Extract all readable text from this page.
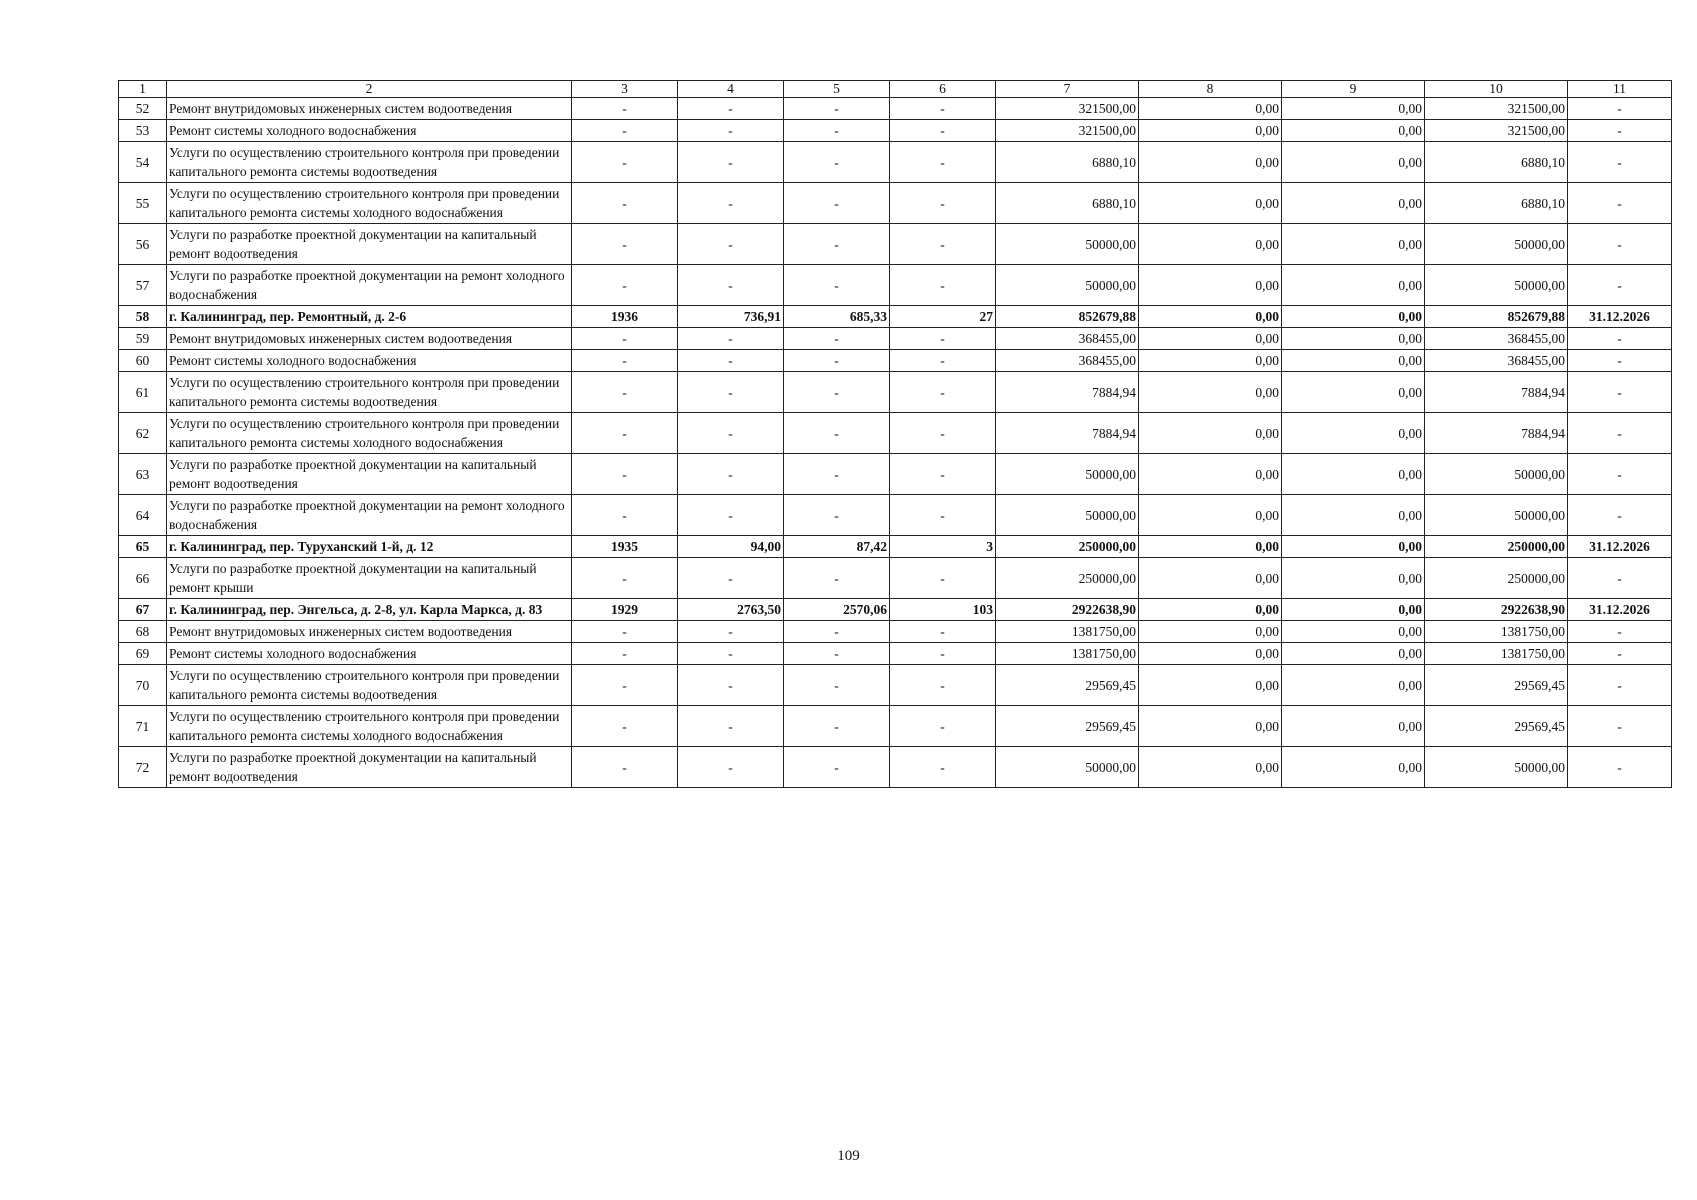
1	2	3	4	5	6	7	8	9	10	11
52	Ремонт внутридомовых инженерных систем водоотведения	-	-	-	-	321500,00	0,00	0,00	321500,00	-
53	Ремонт системы холодного водоснабжения	-	-	-	-	321500,00	0,00	0,00	321500,00	-
54	Услуги по осуществлению строительного контроля при проведении капитального ремонта системы водоотведения	-	-	-	-	6880,10	0,00	0,00	6880,10	-
55	Услуги по осуществлению строительного контроля при проведении капитального ремонта системы холодного водоснабжения	-	-	-	-	6880,10	0,00	0,00	6880,10	-
56	Услуги по разработке проектной документации на капитальный ремонт водоотведения	-	-	-	-	50000,00	0,00	0,00	50000,00	-
57	Услуги по разработке проектной документации на ремонт холодного водоснабжения	-	-	-	-	50000,00	0,00	0,00	50000,00	-
58	г. Калининград, пер. Ремонтный, д. 2-6	1936	736,91	685,33	27	852679,88	0,00	0,00	852679,88	31.12.2026
59	Ремонт внутридомовых инженерных систем водоотведения	-	-	-	-	368455,00	0,00	0,00	368455,00	-
60	Ремонт системы холодного водоснабжения	-	-	-	-	368455,00	0,00	0,00	368455,00	-
61	Услуги по осуществлению строительного контроля при проведении капитального ремонта системы водоотведения	-	-	-	-	7884,94	0,00	0,00	7884,94	-
62	Услуги по осуществлению строительного контроля при проведении капитального ремонта системы холодного водоснабжения	-	-	-	-	7884,94	0,00	0,00	7884,94	-
63	Услуги по разработке проектной документации на капитальный ремонт водоотведения	-	-	-	-	50000,00	0,00	0,00	50000,00	-
64	Услуги по разработке проектной документации на ремонт холодного водоснабжения	-	-	-	-	50000,00	0,00	0,00	50000,00	-
65	г. Калининград, пер. Туруханский 1-й, д. 12	1935	94,00	87,42	3	250000,00	0,00	0,00	250000,00	31.12.2026
66	Услуги по разработке проектной документации на капитальный ремонт крыши	-	-	-	-	250000,00	0,00	0,00	250000,00	-
67	г. Калининград, пер. Энгельса, д. 2-8, ул. Карла Маркса, д. 83	1929	2763,50	2570,06	103	2922638,90	0,00	0,00	2922638,90	31.12.2026
68	Ремонт внутридомовых инженерных систем водоотведения	-	-	-	-	1381750,00	0,00	0,00	1381750,00	-
69	Ремонт системы холодного водоснабжения	-	-	-	-	1381750,00	0,00	0,00	1381750,00	-
70	Услуги по осуществлению строительного контроля при проведении капитального ремонта системы водоотведения	-	-	-	-	29569,45	0,00	0,00	29569,45	-
71	Услуги по осуществлению строительного контроля при проведении капитального ремонта системы холодного водоснабжения	-	-	-	-	29569,45	0,00	0,00	29569,45	-
72	Услуги по разработке проектной документации на капитальный ремонт водоотведения	-	-	-	-	50000,00	0,00	0,00	50000,00	-
109
